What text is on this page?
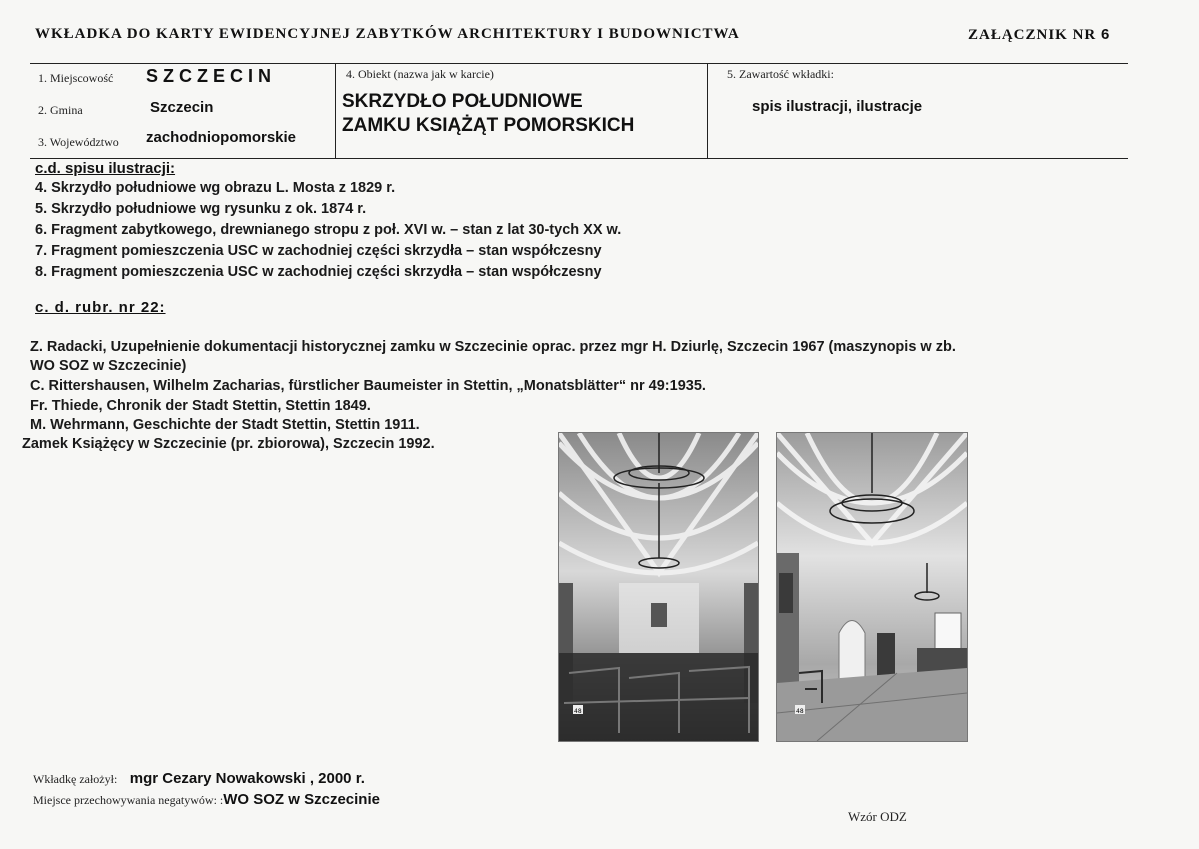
WKŁADKA DO KARTY EWIDENCYJNEJ ZABYTKÓW ARCHITEKTURY I BUDOWNICTWA	ZAŁĄCZNIK NR 6
1. Miejscowość SZCZECIN
2. Gmina	Szczecin
3. Województwo zachodniopomorskie
4. Obiekt (nazwa jak w karcie)
SKRZYDŁO POŁUDNIOWE
ZAMKU KSIĄŻĄT POMORSKICH
5. Zawartość wkładki:
spis ilustracji, ilustracje
c.d. spisu ilustracji:
4. Skrzydło południowe wg obrazu L. Mosta z 1829 r.
5. Skrzydło południowe wg rysunku z ok. 1874 r.
6. Fragment zabytkowego, drewnianego stropu z poł. XVI w. – stan z lat 30-tych XX w.
7. Fragment pomieszczenia USC w zachodniej części skrzydła – stan współczesny
8. Fragment pomieszczenia USC w zachodniej części skrzydła – stan współczesny
c. d. rubr. nr 22:
Z. Radacki, Uzupełnienie dokumentacji historycznej zamku w Szczecinie oprac. przez mgr H. Dziurlę, Szczecin 1967 (maszynopis w zb.
WO SOZ w Szczecinie)
C. Rittershausen, Wilhelm Zacharias, fürstlicher Baumeister in Stettin, „Monatsblätter“ nr 49:1935.
Fr. Thiede, Chronik der Stadt Stettin, Stettin 1849.
M. Wehrmann, Geschichte der Stadt Stettin, Stettin 1911.
Zamek Książęcy w Szczecinie (pr. zbiorowa), Szczecin 1992.
48	48
Wkładkę założył: mgr Cezary Nowakowski , 2000 r.
Miejsce przechowywania negatywów: :WO SOZ w Szczecinie
Wzór ODZ
